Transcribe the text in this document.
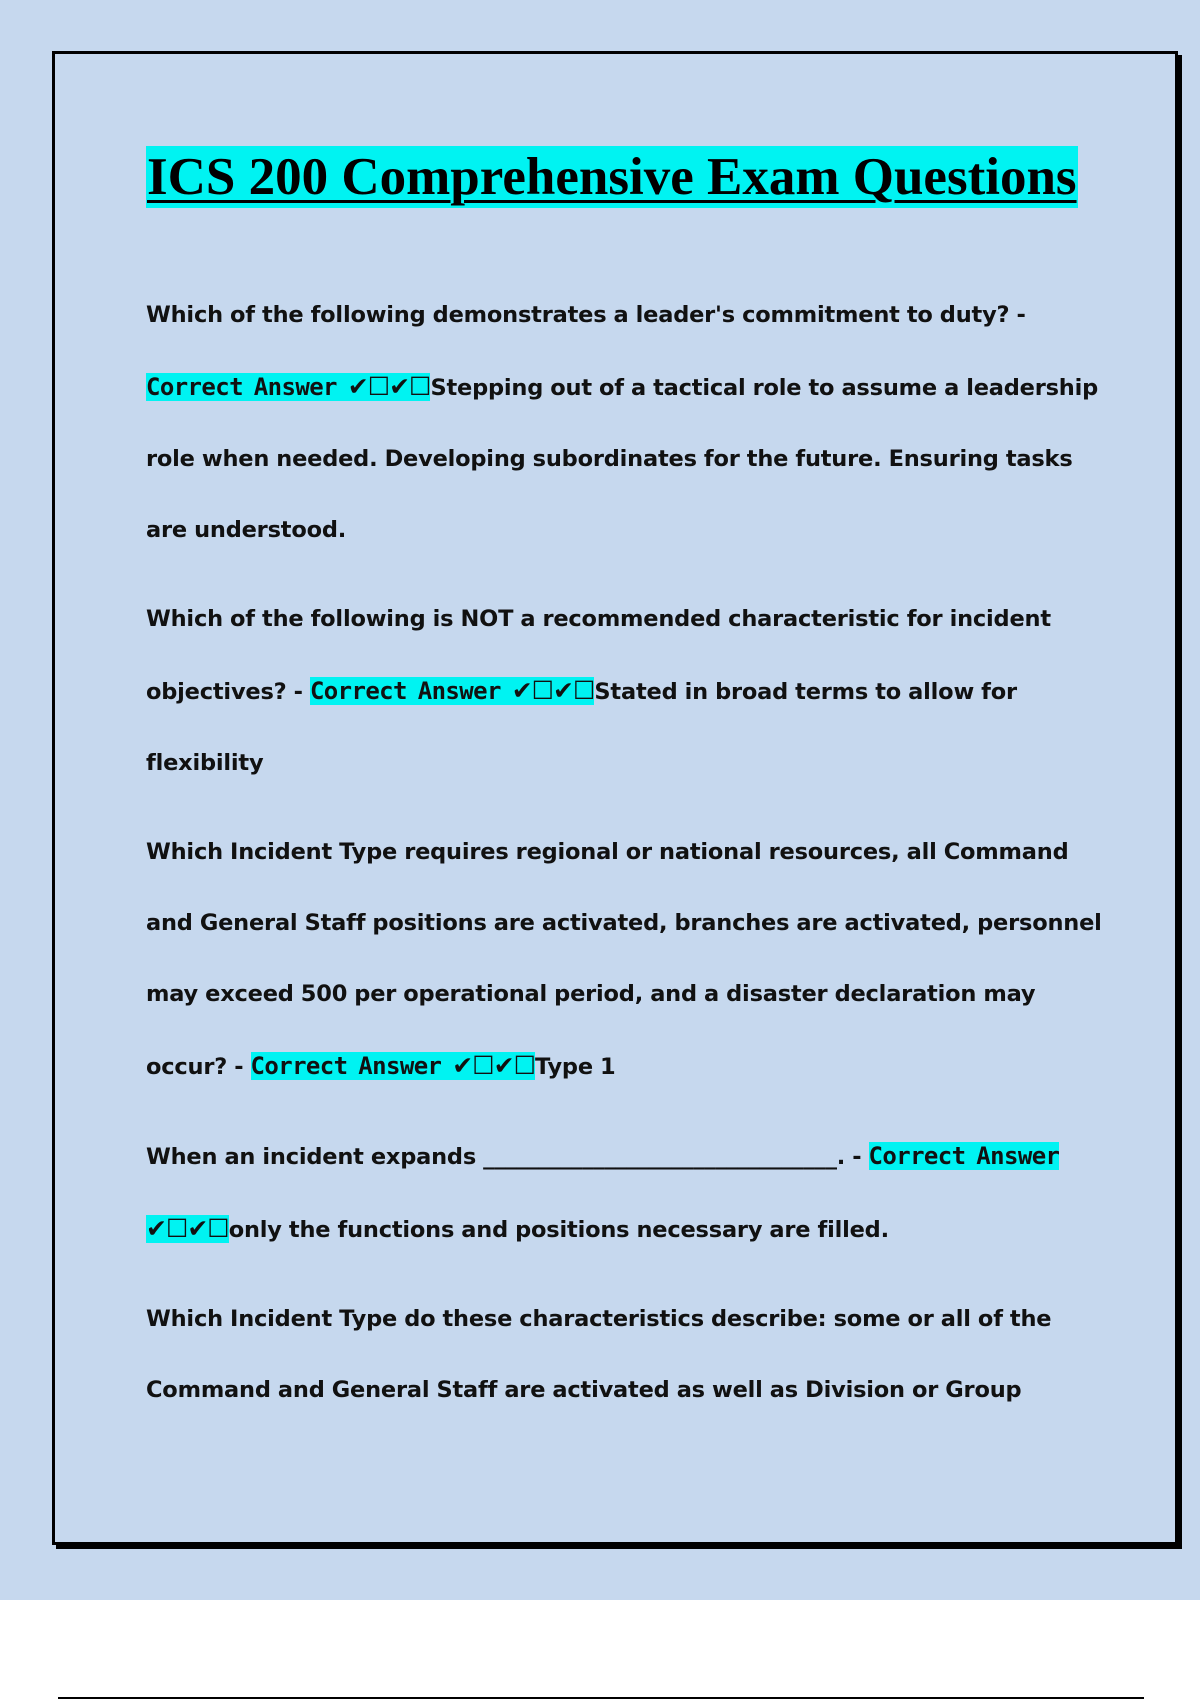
ICS 200 Comprehensive Exam Questions

Which of the following demonstrates a leader's commitment to duty? - Correct Answer ✔☐✔☐Stepping out of a tactical role to assume a leadership role when needed. Developing subordinates for the future. Ensuring tasks are understood.

Which of the following is NOT a recommended characteristic for incident objectives? - Correct Answer ✔☐✔☐Stated in broad terms to allow for flexibility

Which Incident Type requires regional or national resources, all Command and General Staff positions are activated, branches are activated, personnel may exceed 500 per operational period, and a disaster declaration may occur? - Correct Answer ✔☐✔☐Type 1

When an incident expands ________________________________. - Correct Answer ✔☐✔☐only the functions and positions necessary are filled.

Which Incident Type do these characteristics describe: some or all of the Command and General Staff are activated as well as Division or Group
